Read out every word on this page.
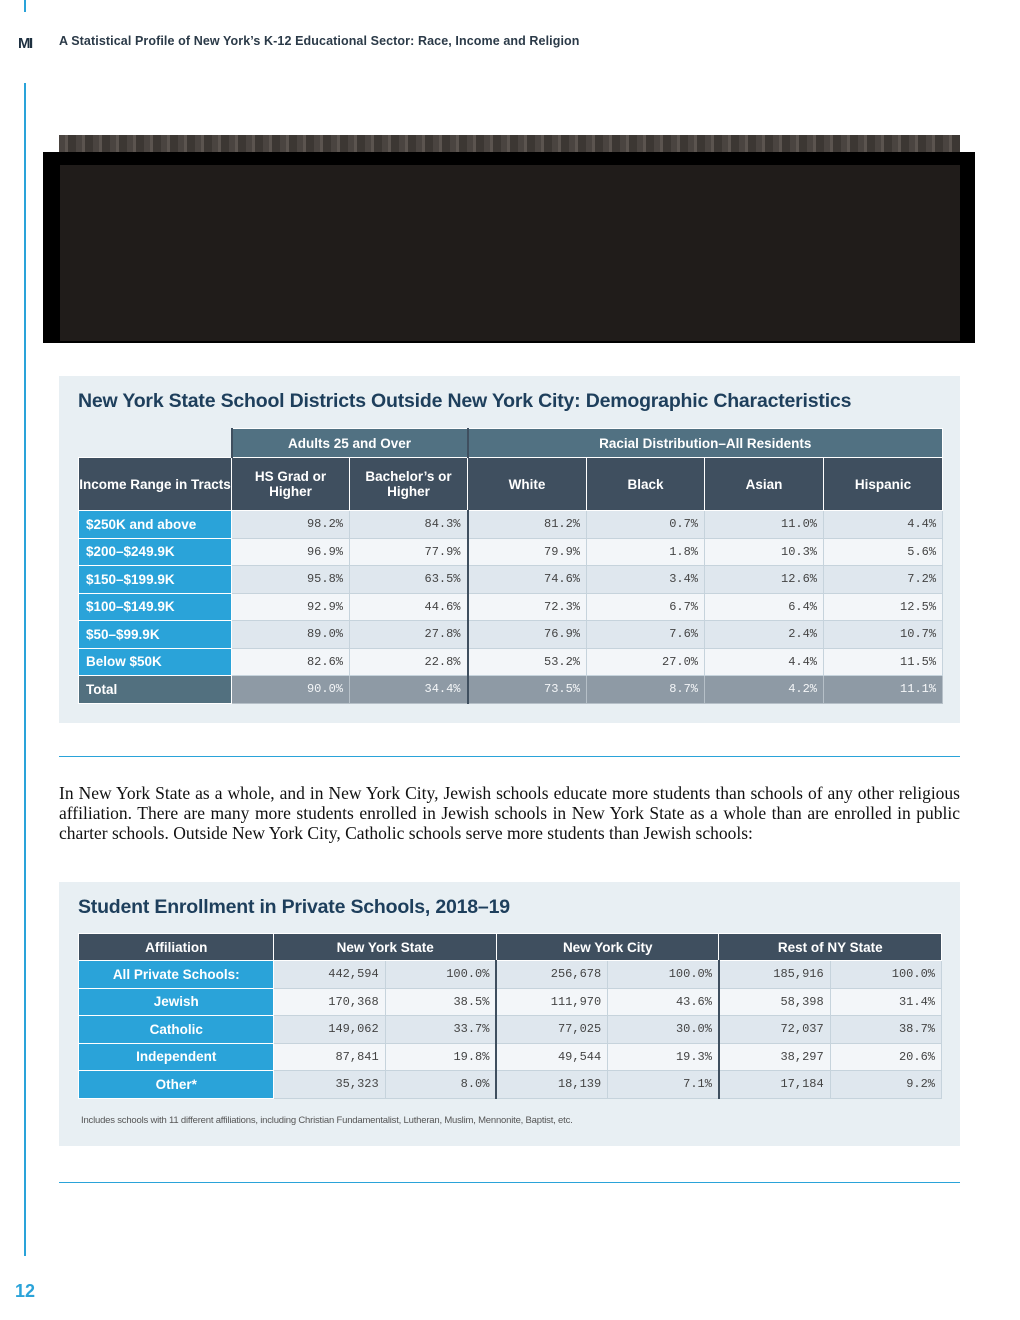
MI A Statistical Profile of New York’s K-12 Educational Sector: Race, Income and Religion
New York State School Districts Outside New York City: Demographic Characteristics
	Adults 25 and Over		Racial Distribution–All Residents			
Income Range in Tracts	HS Grad or Higher	Bachelor’s or Higher	White	Black	Asian	Hispanic
$250K and above	98.2%	84.3%	81.2%	0.7%	11.0%	4.4%
$200–$249.9K	96.9%	77.9%	79.9%	1.8%	10.3%	5.6%
$150–$199.9K	95.8%	63.5%	74.6%	3.4%	12.6%	7.2%
$100–$149.9K	92.9%	44.6%	72.3%	6.7%	6.4%	12.5%
$50–$99.9K	89.0%	27.8%	76.9%	7.6%	2.4%	10.7%
Below $50K	82.6%	22.8%	53.2%	27.0%	4.4%	11.5%
Total	90.0%	34.4%	73.5%	8.7%	4.2%	11.1%
In New York State as a whole, and in New York City, Jewish schools educate more students than schools of any other religious affiliation. There are many more students enrolled in Jewish schools in New York State as a whole than are enrolled in public charter schools. Outside New York City, Catholic schools serve more students than Jewish schools:
Student Enrollment in Private Schools, 2018–19
Affiliation	New York State		New York City		Rest of NY State	
All Private Schools:	442,594	100.0%	256,678	100.0%	185,916	100.0%
Jewish	170,368	38.5%	111,970	43.6%	58,398	31.4%
Catholic	149,062	33.7%	77,025	30.0%	72,037	38.7%
Independent	87,841	19.8%	49,544	19.3%	38,297	20.6%
Other*	35,323	8.0%	18,139	7.1%	17,184	9.2%
Includes schools with 11 different affiliations, including Christian Fundamentalist, Lutheran, Muslim, Mennonite, Baptist, etc.
12
